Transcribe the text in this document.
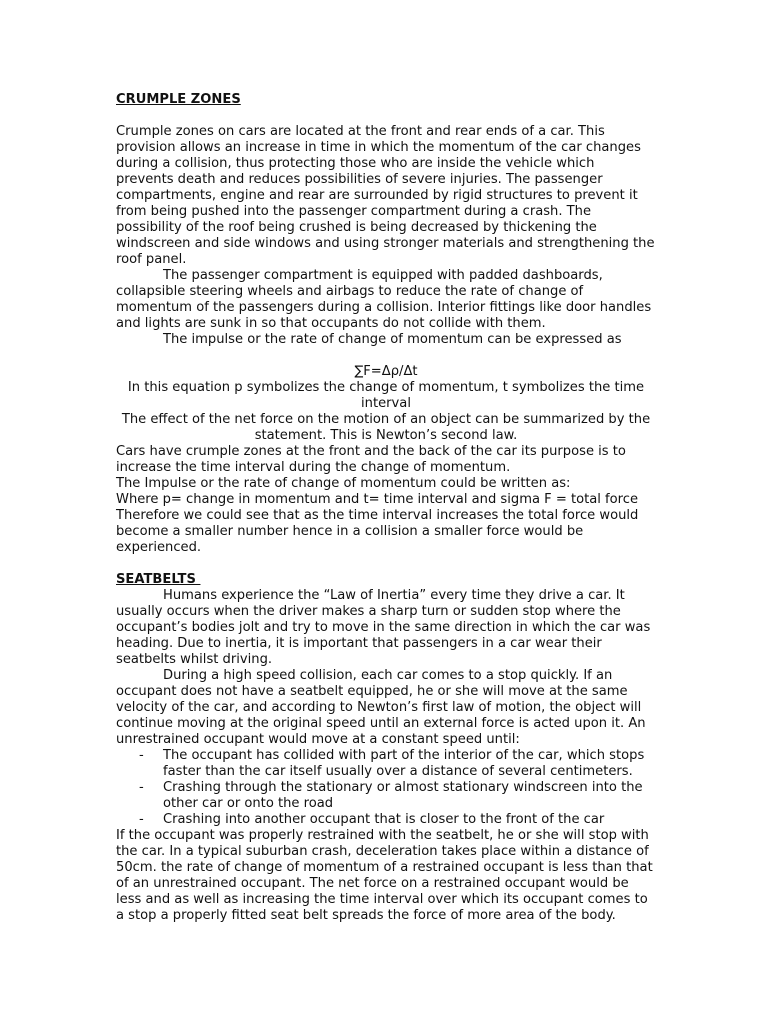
CRUMPLE ZONES

Crumple zones on cars are located at the front and rear ends of a car. This provision allows an increase in time in which the momentum of the car changes during a collision, thus protecting those who are inside the vehicle which prevents death and reduces possibilities of severe injuries. The passenger compartments, engine and rear are surrounded by rigid structures to prevent it from being pushed into the passenger compartment during a crash. The possibility of the roof being crushed is being decreased by thickening the windscreen and side windows and using stronger materials and strengthening the roof panel.

The passenger compartment is equipped with padded dashboards, collapsible steering wheels and airbags to reduce the rate of change of momentum of the passengers during a collision. Interior fittings like door handles and lights are sunk in so that occupants do not collide with them.

The impulse or the rate of change of momentum can be expressed as

∑F=Δρ/Δt

In this equation p symbolizes the change of momentum, t symbolizes the time interval

The effect of the net force on the motion of an object can be summarized by the statement. This is Newton’s second law.

Cars have crumple zones at the front and the back of the car its purpose is to increase the time interval during the change of momentum.

The Impulse or the rate of change of momentum could be written as:

Where p= change in momentum and t= time interval and sigma F = total force

Therefore we could see that as the time interval increases the total force would become a smaller number hence in a collision a smaller force would be experienced.

SEATBELTS

Humans experience the “Law of Inertia” every time they drive a car. It usually occurs when the driver makes a sharp turn or sudden stop where the occupant’s bodies jolt and try to move in the same direction in which the car was heading. Due to inertia, it is important that passengers in a car wear their seatbelts whilst driving.

During a high speed collision, each car comes to a stop quickly. If an occupant does not have a seatbelt equipped, he or she will move at the same velocity of the car, and according to Newton’s first law of motion, the object will continue moving at the original speed until an external force is acted upon it. An unrestrained occupant would move at a constant speed until:

- The occupant has collided with part of the interior of the car, which stops faster than the car itself usually over a distance of several centimeters.
- Crashing through the stationary or almost stationary windscreen into the other car or onto the road
- Crashing into another occupant that is closer to the front of the car

If the occupant was properly restrained with the seatbelt, he or she will stop with the car. In a typical suburban crash, deceleration takes place within a distance of 50cm. the rate of change of momentum of a restrained occupant is less than that of an unrestrained occupant. The net force on a restrained occupant would be less and as well as increasing the time interval over which its occupant comes to a stop a properly fitted seat belt spreads the force of more area of the body.
